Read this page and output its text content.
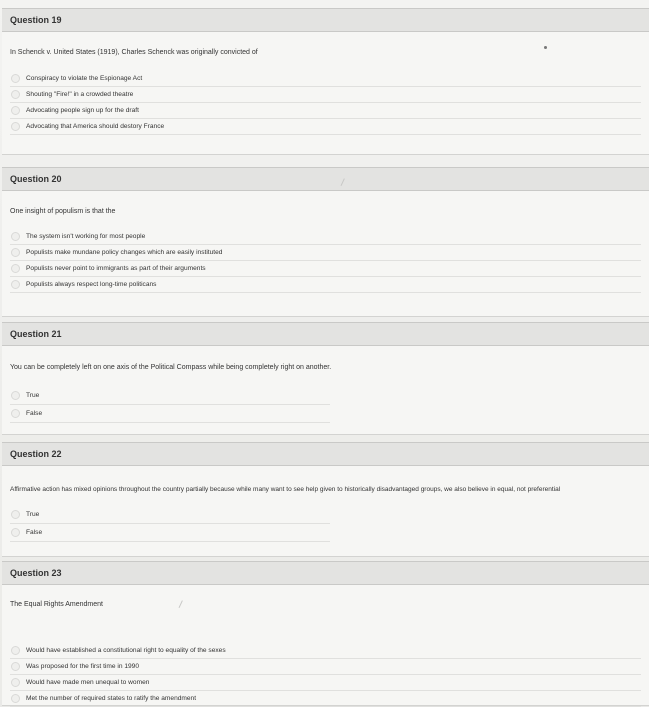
Question 19
In Schenck v. United States (1919), Charles Schenck was originally convicted of
Conspiracy to violate the Espionage Act
Shouting "Fire!" in a crowded theatre
Advocating people sign up for the draft
Advocating that America should destory France
Question 20
One insight of populism is that the
The system isn't working for most people
Populists make mundane policy changes which are easily instituted
Populists never point to immigrants as part of their arguments
Populists always respect long-time politicans
Question 21
You can be completely left on one axis of the Political Compass while being completely right on another.
True
False
Question 22
Affirmative action has mixed opinions throughout the country partially because while many want to see help given to historically disadvantaged groups, we also believe in equal, not preferential
True
False
Question 23
The Equal Rights Amendment
Would have established a constitutional right to equality of the sexes
Was proposed for the first time in 1990
Would have made men unequal to women
Met the number of required states to ratify the amendment
